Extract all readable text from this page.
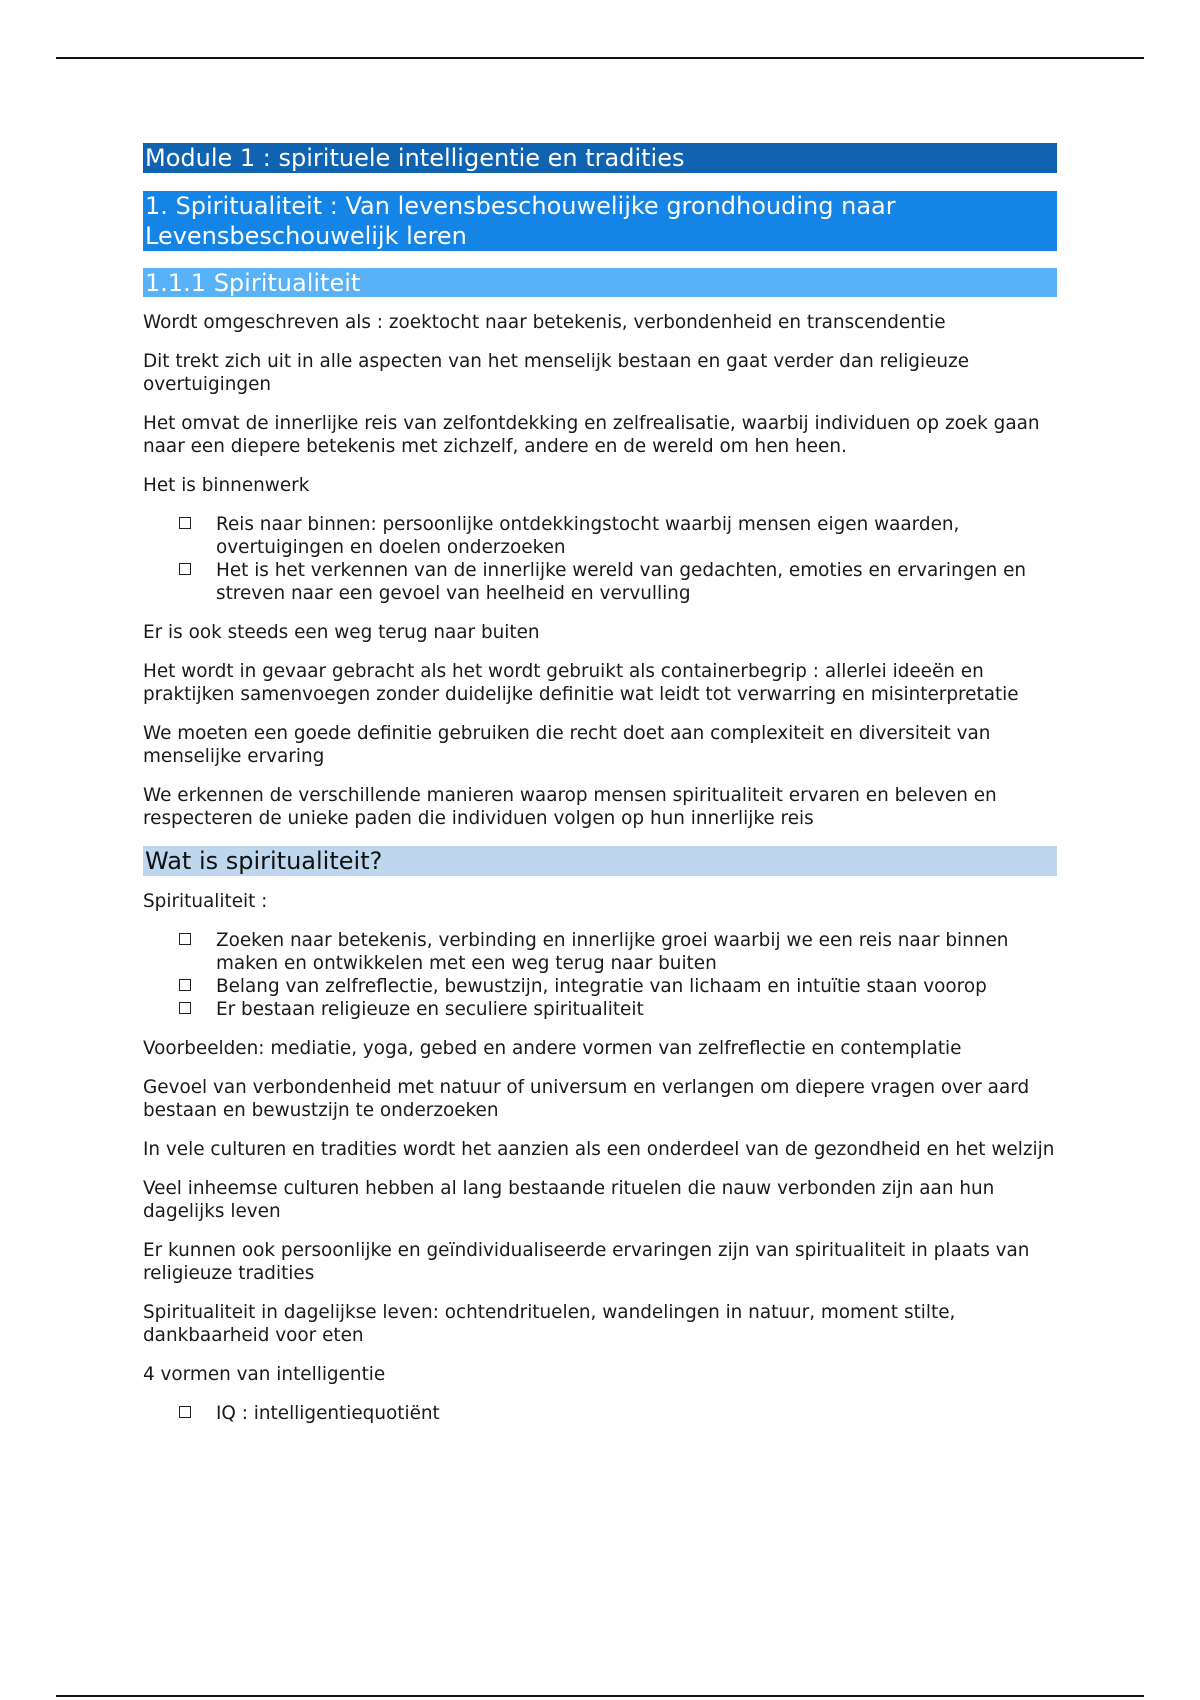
Module 1 : spirituele intelligentie en tradities
1. Spiritualiteit : Van levensbeschouwelijke grondhouding naar Levensbeschouwelijk leren
1.1.1 Spiritualiteit

Wordt omgeschreven als : zoektocht naar betekenis, verbondenheid en transcendentie

Dit trekt zich uit in alle aspecten van het menselijk bestaan en gaat verder dan religieuze overtuigingen

Het omvat de innerlijke reis van zelfontdekking en zelfrealisatie, waarbij individuen op zoek gaan naar een diepere betekenis met zichzelf, andere en de wereld om hen heen.

Het is binnenwerk

Reis naar binnen: persoonlijke ontdekkingstocht waarbij mensen eigen waarden, overtuigingen en doelen onderzoeken
Het is het verkennen van de innerlijke wereld van gedachten, emoties en ervaringen en streven naar een gevoel van heelheid en vervulling

Er is ook steeds een weg terug naar buiten

Het wordt in gevaar gebracht als het wordt gebruikt als containerbegrip : allerlei ideeën en praktijken samenvoegen zonder duidelijke definitie wat leidt tot verwarring en misinterpretatie

We moeten een goede definitie gebruiken die recht doet aan complexiteit en diversiteit van menselijke ervaring

We erkennen de verschillende manieren waarop mensen spiritualiteit ervaren en beleven en respecteren de unieke paden die individuen volgen op hun innerlijke reis

Wat is spiritualiteit?

Spiritualiteit :

Zoeken naar betekenis, verbinding en innerlijke groei waarbij we een reis naar binnen maken en ontwikkelen met een weg terug naar buiten
Belang van zelfreflectie, bewustzijn, integratie van lichaam en intuïtie staan voorop
Er bestaan religieuze en seculiere spiritualiteit

Voorbeelden: mediatie, yoga, gebed en andere vormen van zelfreflectie en contemplatie

Gevoel van verbondenheid met natuur of universum en verlangen om diepere vragen over aard bestaan en bewustzijn te onderzoeken

In vele culturen en tradities wordt het aanzien als een onderdeel van de gezondheid en het welzijn

Veel inheemse culturen hebben al lang bestaande rituelen die nauw verbonden zijn aan hun dagelijks leven

Er kunnen ook persoonlijke en geïndividualiseerde ervaringen zijn van spiritualiteit in plaats van religieuze tradities

Spiritualiteit in dagelijkse leven: ochtendrituelen, wandelingen in natuur, moment stilte, dankbaarheid voor eten

4 vormen van intelligentie

IQ : intelligentiequotiënt
